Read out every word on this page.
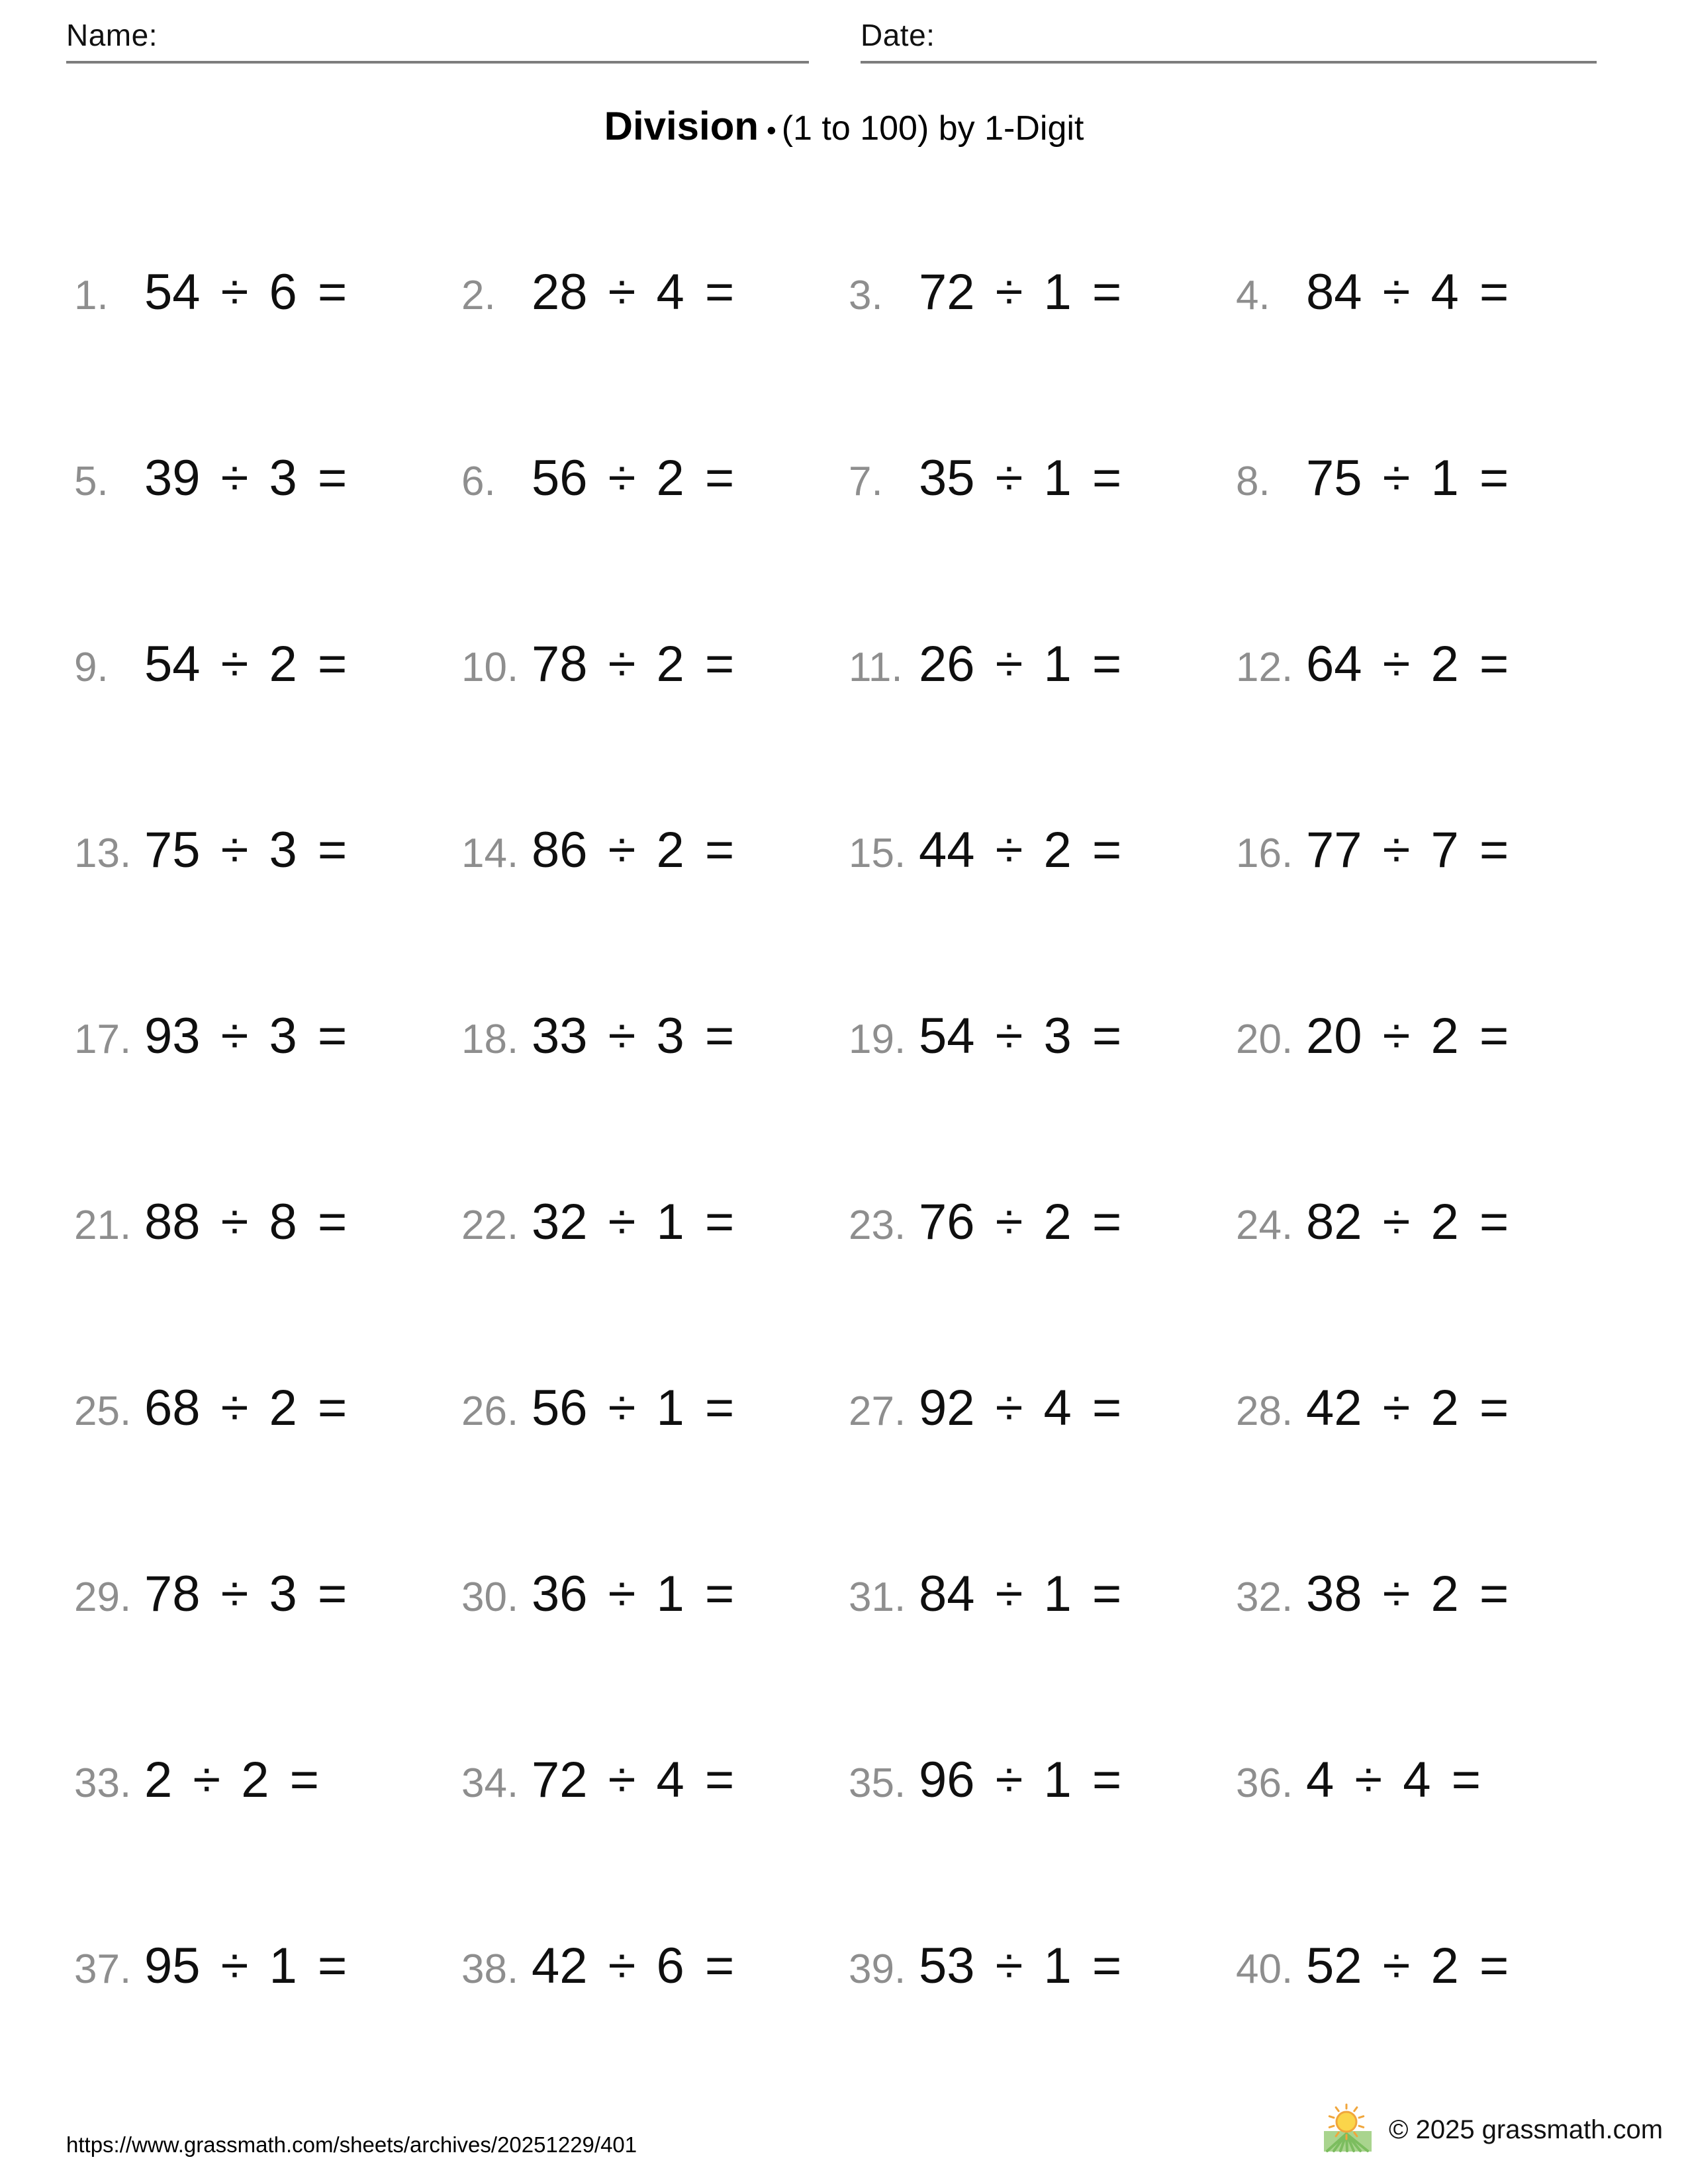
Name:	Date:
Division • (1 to 100) by 1-Digit
1. 54 ÷ 6 =	2. 28 ÷ 4 =	3. 72 ÷ 1 =	4. 84 ÷ 4 =
5. 39 ÷ 3 =	6. 56 ÷ 2 =	7. 35 ÷ 1 =	8. 75 ÷ 1 =
9. 54 ÷ 2 =	10. 78 ÷ 2 =	11. 26 ÷ 1 =	12. 64 ÷ 2 =
13. 75 ÷ 3 =	14. 86 ÷ 2 =	15. 44 ÷ 2 =	16. 77 ÷ 7 =
17. 93 ÷ 3 =	18. 33 ÷ 3 =	19. 54 ÷ 3 =	20. 20 ÷ 2 =
21. 88 ÷ 8 =	22. 32 ÷ 1 =	23. 76 ÷ 2 =	24. 82 ÷ 2 =
25. 68 ÷ 2 =	26. 56 ÷ 1 =	27. 92 ÷ 4 =	28. 42 ÷ 2 =
29. 78 ÷ 3 =	30. 36 ÷ 1 =	31. 84 ÷ 1 =	32. 38 ÷ 2 =
33. 2 ÷ 2 =	34. 72 ÷ 4 =	35. 96 ÷ 1 =	36. 4 ÷ 4 =
37. 95 ÷ 1 =	38. 42 ÷ 6 =	39. 53 ÷ 1 =	40. 52 ÷ 2 =
https://www.grassmath.com/sheets/archives/20251229/401
© 2025 grassmath.com
